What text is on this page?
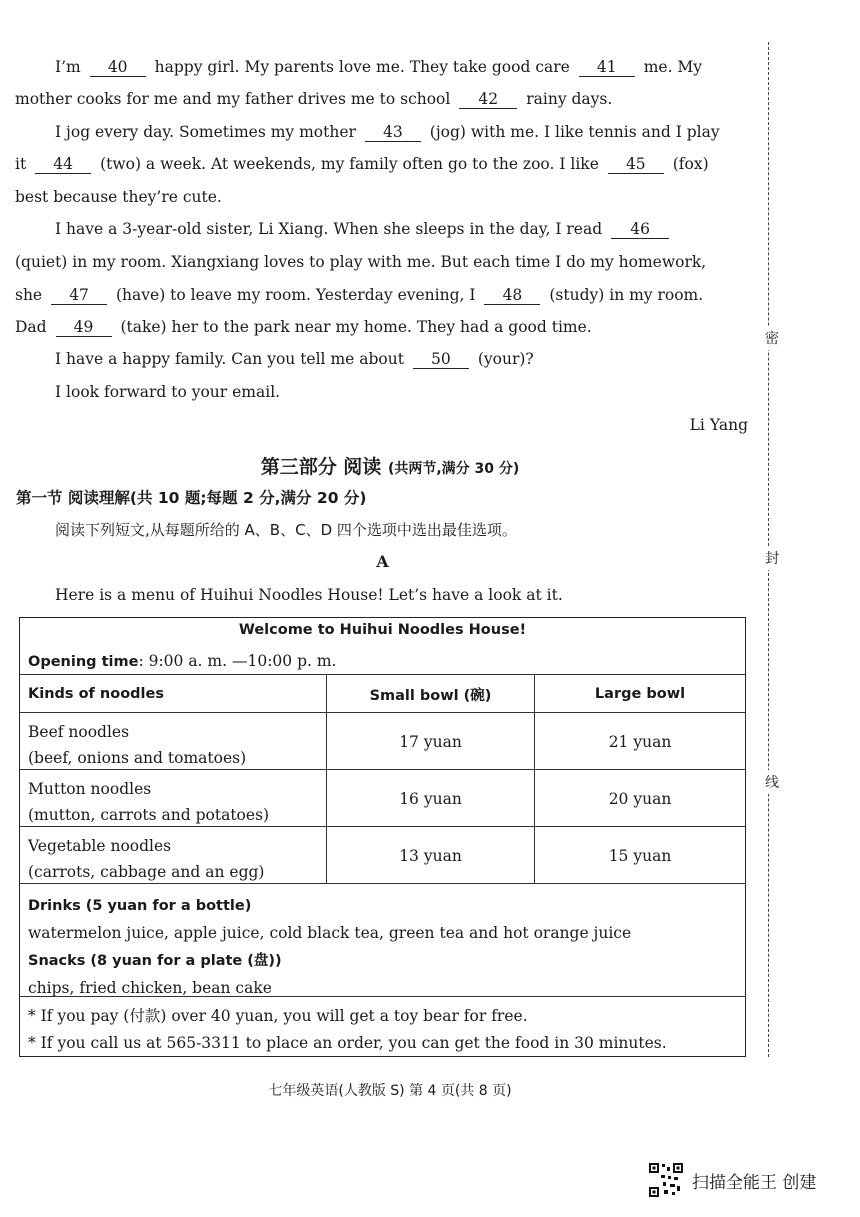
I’m 40 happy girl. My parents love me. They take good care 41 me. My
mother cooks for me and my father drives me to school 42 rainy days.
I jog every day. Sometimes my mother 43 (jog) with me. I like tennis and I play
it 44 (two) a week. At weekends, my family often go to the zoo. I like 45 (fox)
best because they’re cute.
I have a 3-year-old sister, Li Xiang. When she sleeps in the day, I read 46
(quiet) in my room. Xiangxiang loves to play with me. But each time I do my homework,
she 47 (have) to leave my room. Yesterday evening, I 48 (study) in my room.
Dad 49 (take) her to the park near my home. They had a good time.
I have a happy family. Can you tell me about 50 (your)?
I look forward to your email.
Li Yang
第三部分 阅读 (共两节,满分 30 分)
第一节 阅读理解(共 10 题;每题 2 分,满分 20 分)
阅读下列短文,从每题所给的 A、B、C、D 四个选项中选出最佳选项。
A
Here is a menu of Huihui Noodles House! Let’s have a look at it.
Welcome to Huihui Noodles House!
Opening time: 9:00 a. m. —10:00 p. m.
Kinds of noodles	Small bowl (碗)	Large bowl
Beef noodles
(beef, onions and tomatoes)
17 yuan	21 yuan
Mutton noodles
(mutton, carrots and potatoes)
16 yuan	20 yuan
Vegetable noodles
(carrots, cabbage and an egg)
13 yuan	15 yuan
Drinks (5 yuan for a bottle)
watermelon juice, apple juice, cold black tea, green tea and hot orange juice
Snacks (8 yuan for a plate (盘))
chips, fried chicken, bean cake
* If you pay (付款) over 40 yuan, you will get a toy bear for free.
* If you call us at 565-3311 to place an order, you can get the food in 30 minutes.
密
封
线
七年级英语(人教版 S) 第 4 页(共 8 页)
扫描全能王 创建
